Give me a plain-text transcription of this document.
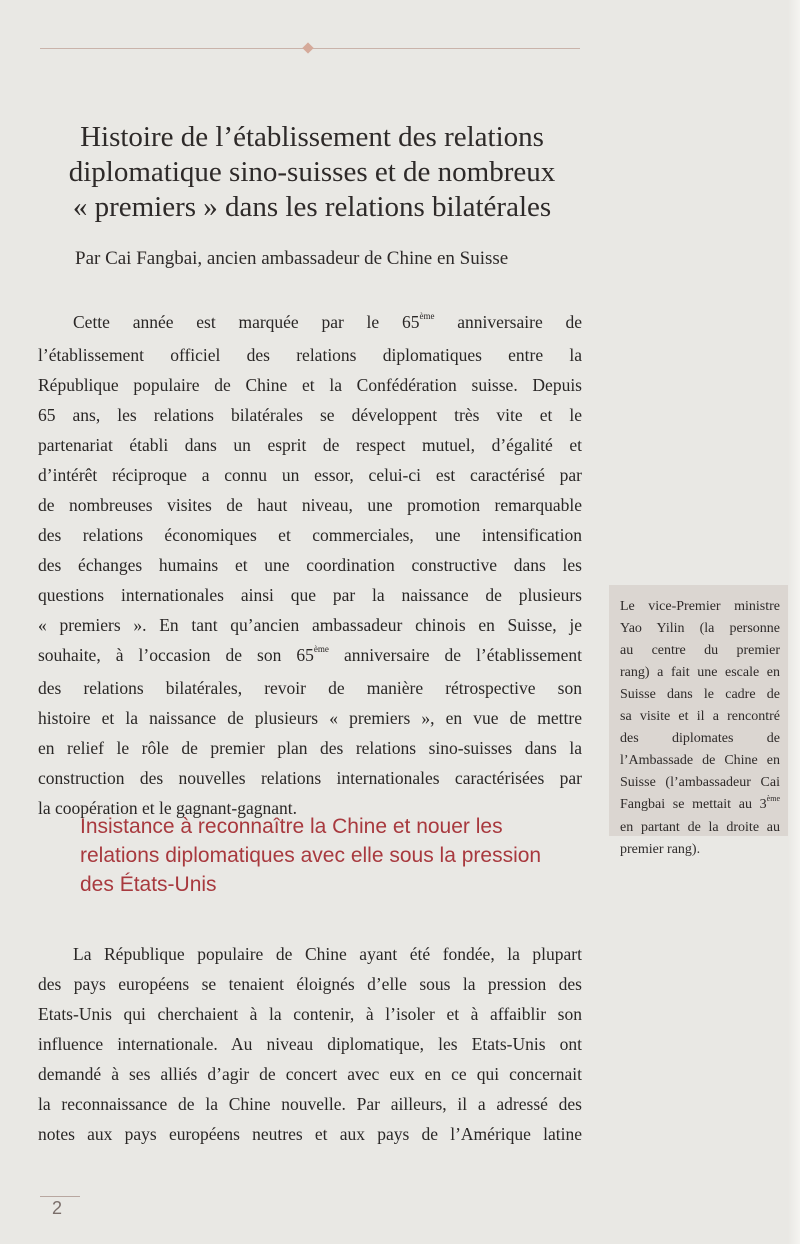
Histoire de l’établissement des relations
diplomatique sino-suisses et de nombreux
« premiers » dans les relations bilatérales
Par Cai Fangbai, ancien ambassadeur de Chine en Suisse

  Cette année est marquée par le 65ème anniversaire de
l’établissement officiel des relations diplomatiques entre la
République populaire de Chine et la Confédération suisse. Depuis
65 ans, les relations bilatérales se développent très vite et le
partenariat établi dans un esprit de respect mutuel, d’égalité et
d’intérêt réciproque a connu un essor, celui-ci est caractérisé par
de nombreuses visites de haut niveau, une promotion remarquable
des relations économiques et commerciales, une intensification
des échanges humains et une coordination constructive dans les
questions internationales ainsi que par la naissance de plusieurs
« premiers ». En tant qu’ancien ambassadeur chinois en Suisse, je
souhaite, à l’occasion de son 65ème anniversaire de l’établissement
des relations bilatérales, revoir de manière rétrospective son
histoire et la naissance de plusieurs « premiers », en vue de mettre
en relief le rôle de premier plan des relations sino-suisses dans la
construction des nouvelles relations internationales caractérisées par
la coopération et le gagnant-gagnant.

Le vice-Premier ministre
Yao Yilin (la personne
au centre du premier
rang) a fait une escale en
Suisse dans le cadre de
sa visite et il a rencontré
des diplomates de
l’Ambassade de Chine en
Suisse (l’ambassadeur Cai
Fangbai se mettait au 3ème
en partant de la droite au
premier rang).

Insistance à reconnaître la Chine et nouer les
relations diplomatiques avec elle sous la pression
des États-Unis

  La République populaire de Chine ayant été fondée, la plupart
des pays européens se tenaient éloignés d’elle sous la pression des
Etats-Unis qui cherchaient à la contenir, à l’isoler et à affaiblir son
influence internationale. Au niveau diplomatique, les Etats-Unis ont
demandé à ses alliés d’agir de concert avec eux en ce qui concernait
la reconnaissance de la Chine nouvelle. Par ailleurs, il a adressé des
notes aux pays européens neutres et aux pays de l’Amérique latine

2
